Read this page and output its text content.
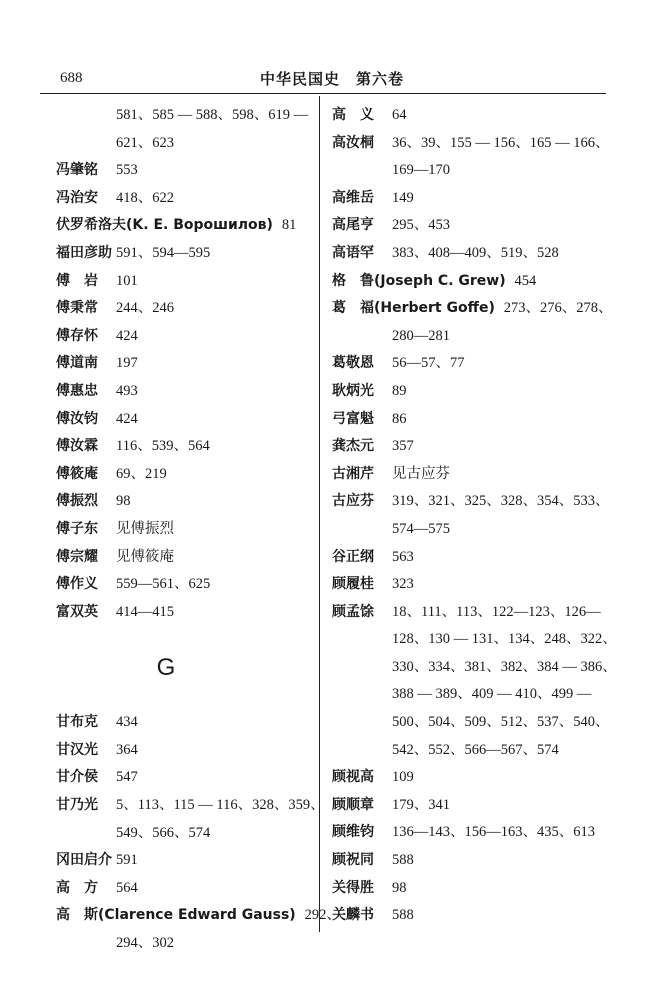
688	中华民国史　第六卷
581、585 — 588、598、619 —
621、623
冯肇铭 553
冯治安 418、622
伏罗希洛夫(K. E. Ворошилов) 81
福田彦助 591、594—595
傅　岩 101
傅秉常 244、246
傅存怀 424
傅道南 197
傅惠忠 493
傅汝钧 424
傅汝霖 116、539、564
傅筱庵 69、219
傅振烈 98
傅子东 见傅振烈
傅宗耀 见傅筱庵
傅作义 559—561、625
富双英 414—415
G
甘布克 434
甘汉光 364
甘介侯 547
甘乃光 5、113、115 — 116、328、359、
549、566、574
冈田启介 591
高　方 564
高　斯(Clarence Edward Gauss) 292、
294、302
高　义 64
高汝桐 36、39、155 — 156、165 — 166、
169—170
高维岳 149
高尾亨 295、453
高语罕 383、408—409、519、528
格　鲁(Joseph C. Grew) 454
葛　福(Herbert Goffe) 273、276、278、
280—281
葛敬恩 56—57、77
耿炳光 89
弓富魁 86
龚杰元 357
古湘芹 见古应芬
古应芬 319、321、325、328、354、533、
574—575
谷正纲 563
顾履桂 323
顾孟馀 18、111、113、122—123、126—
128、130 — 131、134、248、322、
330、334、381、382、384 — 386、
388 — 389、409 — 410、499 —
500、504、509、512、537、540、
542、552、566—567、574
顾视高 109
顾顺章 179、341
顾维钧 136—143、156—163、435、613
顾祝同 588
关得胜 98
关麟书 588
